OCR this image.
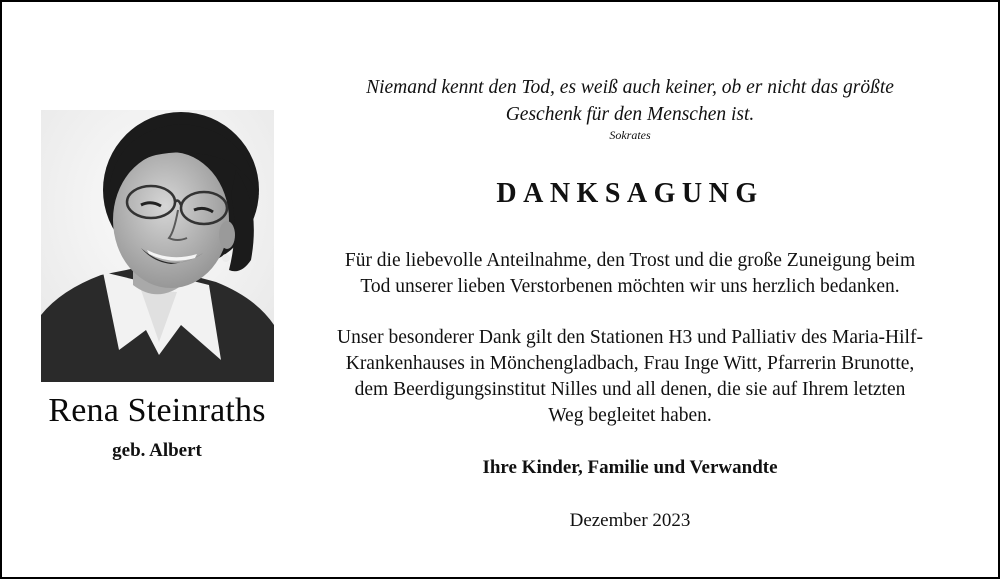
Rena Steinraths
geb. Albert
Niemand kennt den Tod, es weiß auch keiner, ob er nicht das größte
Geschenk für den Menschen ist.
Sokrates
DANKSAGUNG
Für die liebevolle Anteilnahme, den Trost und die große Zuneigung beim
Tod unserer lieben Verstorbenen möchten wir uns herzlich bedanken.
Unser besonderer Dank gilt den Stationen H3 und Palliativ des Maria-Hilf-
Krankenhauses in Mönchengladbach, Frau Inge Witt, Pfarrerin Brunotte,
dem Beerdigungsinstitut Nilles und all denen, die sie auf Ihrem letzten
Weg begleitet haben.
Ihre Kinder, Familie und Verwandte
Dezember 2023
